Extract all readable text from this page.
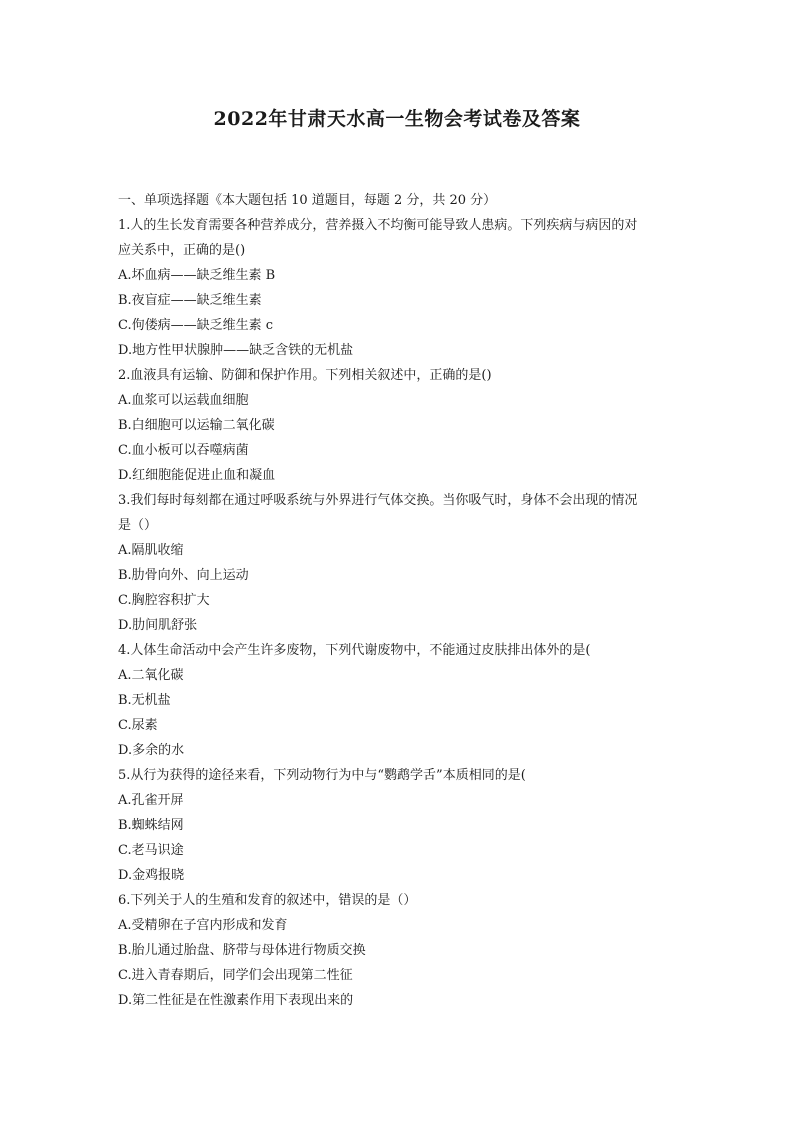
2022年甘肃天水高一生物会考试卷及答案
一、单项选择题《本大题包括 10 道题目，每题 2 分，共 20 分）
1.人的生长发育需要各种营养成分，营养摄入不均衡可能导致人患病。下列疾病与病因的对
应关系中，正确的是()
A.坏血病——缺乏维生素 B
B.夜盲症——缺乏维生素
C.佝偻病——缺乏维生素 c
D.地方性甲状腺肿——缺乏含铁的无机盐
2.血液具有运输、防御和保护作用。下列相关叙述中，正确的是()
A.血浆可以运载血细胞
B.白细胞可以运输二氧化碳
C.血小板可以吞噬病菌
D.红细胞能促进止血和凝血
3.我们每时每刻都在通过呼吸系统与外界进行气体交换。当你吸气时，身体不会出现的情况
是（）
A.隔肌收缩
B.肋骨向外、向上运动
C.胸腔容积扩大
D.肋间肌舒张
4.人体生命活动中会产生许多废物，下列代谢废物中，不能通过皮肤排出体外的是(
A.二氧化碳
B.无机盐
C.尿素
D.多余的水
5.从行为获得的途径来看，下列动物行为中与“鹦鹉学舌”本质相同的是(
A.孔雀开屏
B.蜘蛛结网
C.老马识途
D.金鸡报晓
6.下列关于人的生殖和发育的叙述中，错误的是（）
A.受精卵在子宫内形成和发育
B.胎儿通过胎盘、脐带与母体进行物质交换
C.进入青春期后，同学们会出现第二性征
D.第二性征是在性激素作用下表现出来的
